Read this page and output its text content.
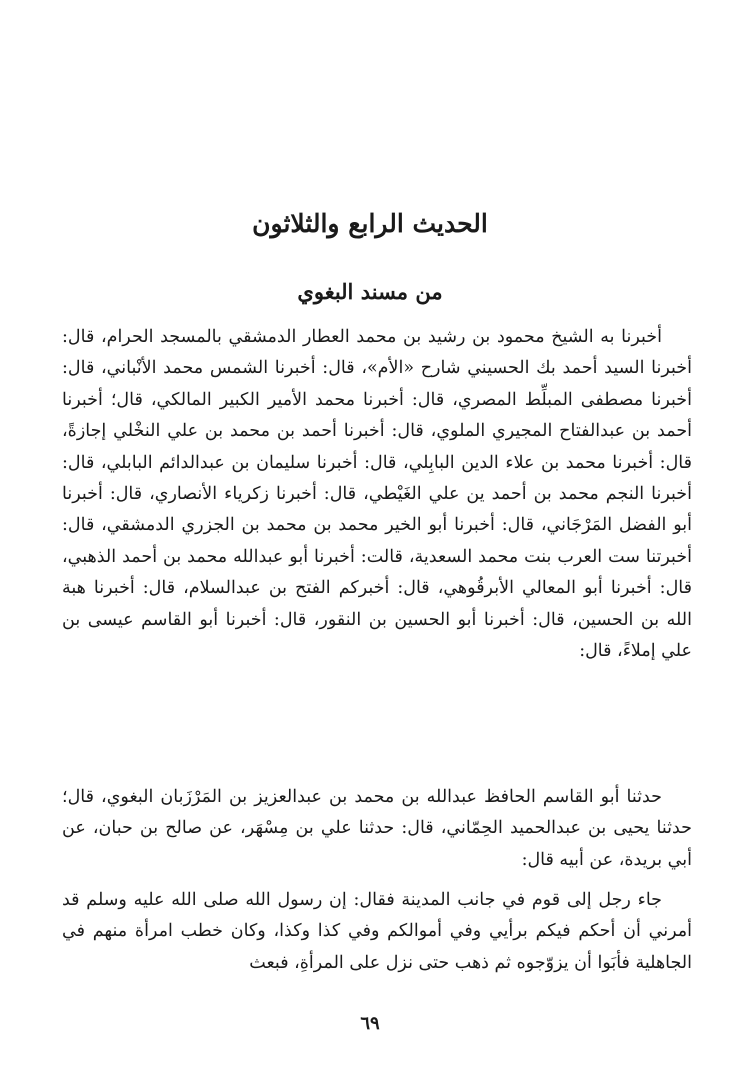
الحديث الرابع والثلاثون
من مسند البغوي

أخبرنا به الشيخ محمود بن رشيد بن محمد العطار الدمشقي بالمسجد الحرام، قال: أخبرنا السيد أحمد بك الحسيني شارح «الأم»، قال: أخبرنا الشمس محمد الأنْباني، قال: أخبرنا مصطفى المبلِّط المصري، قال: أخبرنا محمد الأمير الكبير المالكي، قال؛ أخبرنا أحمد بن عبدالفتاح المجيري الملوي، قال: أخبرنا أحمد بن محمد بن علي النخْلي إجازةً، قال: أخبرنا محمد بن علاء الدين البابِلي، قال: أخبرنا سليمان بن عبدالدائم البابلي، قال: أخبرنا النجم محمد بن أحمد ين علي الغَيْطي، قال: أخبرنا زكرياء الأنصاري، قال: أخبرنا أبو الفضل المَرْجَاني، قال: أخبرنا أبو الخير محمد بن محمد بن الجزري الدمشقي، قال: أخبرتنا ست العرب بنت محمد السعدية، قالت: أخبرنا أبو عبدالله محمد بن أحمد الذهبي، قال: أخبرنا أبو المعالي الأبرقُوهي، قال: أخبركم الفتح بن عبدالسلام، قال: أخبرنا هبة الله بن الحسين، قال: أخبرنا أبو الحسين بن النقور، قال: أخبرنا أبو القاسم عيسى بن علي إملاءً، قال:

حدثنا أبو القاسم الحافظ عبدالله بن محمد بن عبدالعزيز بن المَرْزَبان البغوي، قال؛ حدثنا يحيى بن عبدالحميد الحِمّاني، قال: حدثنا علي بن مِسْهَر، عن صالح بن حبان، عن أبي بريدة، عن أبيه قال:

جاء رجل إلى قوم في جانب المدينة فقال: إن رسول الله صلى الله عليه وسلم قد أمرني أن أحكم فيكم برأيي وفي أموالكم وفي كذا وكذا، وكان خطب امرأة منهم في الجاهلية فأبَوا أن يزوّجوه ثم ذهب حتى نزل على المرأةِ، فبعث

٦٩
